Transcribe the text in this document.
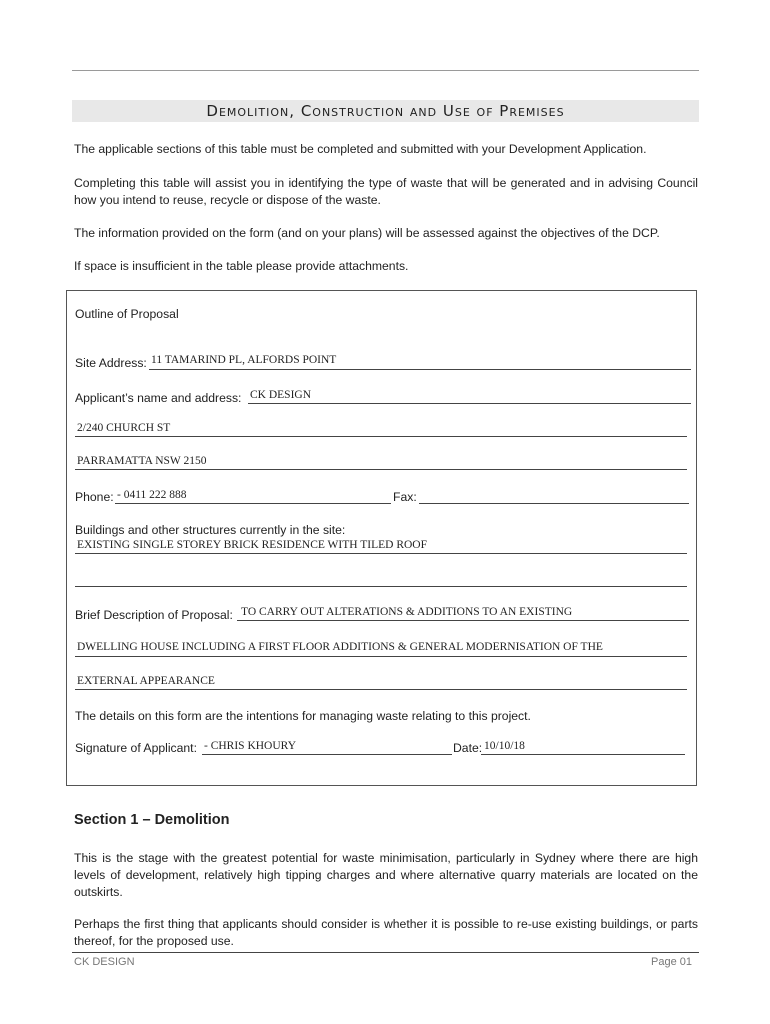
Demolition, Construction and Use of Premises

The applicable sections of this table must be completed and submitted with your Development Application.

Completing this table will assist you in identifying the type of waste that will be generated and in advising Council how you intend to reuse, recycle or dispose of the waste.

The information provided on the form (and on your plans) will be assessed against the objectives of the DCP.

If space is insufficient in the table please provide attachments.

Outline of Proposal
Site Address: 11 TAMARIND PL, ALFORDS POINT
Applicant’s name and address: CK DESIGN
2/240 CHURCH ST
PARRAMATTA NSW 2150
Phone: - 0411 222 888	Fax:
Buildings and other structures currently in the site:
EXISTING SINGLE STOREY BRICK RESIDENCE WITH TILED ROOF
Brief Description of Proposal: TO CARRY OUT ALTERATIONS & ADDITIONS TO AN EXISTING
DWELLING HOUSE INCLUDING A FIRST FLOOR ADDITIONS & GENERAL MODERNISATION OF THE
EXTERNAL APPEARANCE
The details on this form are the intentions for managing waste relating to this project.
Signature of Applicant: - CHRIS KHOURY	Date: 10/10/18
Section 1 – Demolition

This is the stage with the greatest potential for waste minimisation, particularly in Sydney where there are high levels of development, relatively high tipping charges and where alternative quarry materials are located on the outskirts.

Perhaps the first thing that applicants should consider is whether it is possible to re-use existing buildings, or parts thereof, for the proposed use.

CK DESIGN	Page 01
